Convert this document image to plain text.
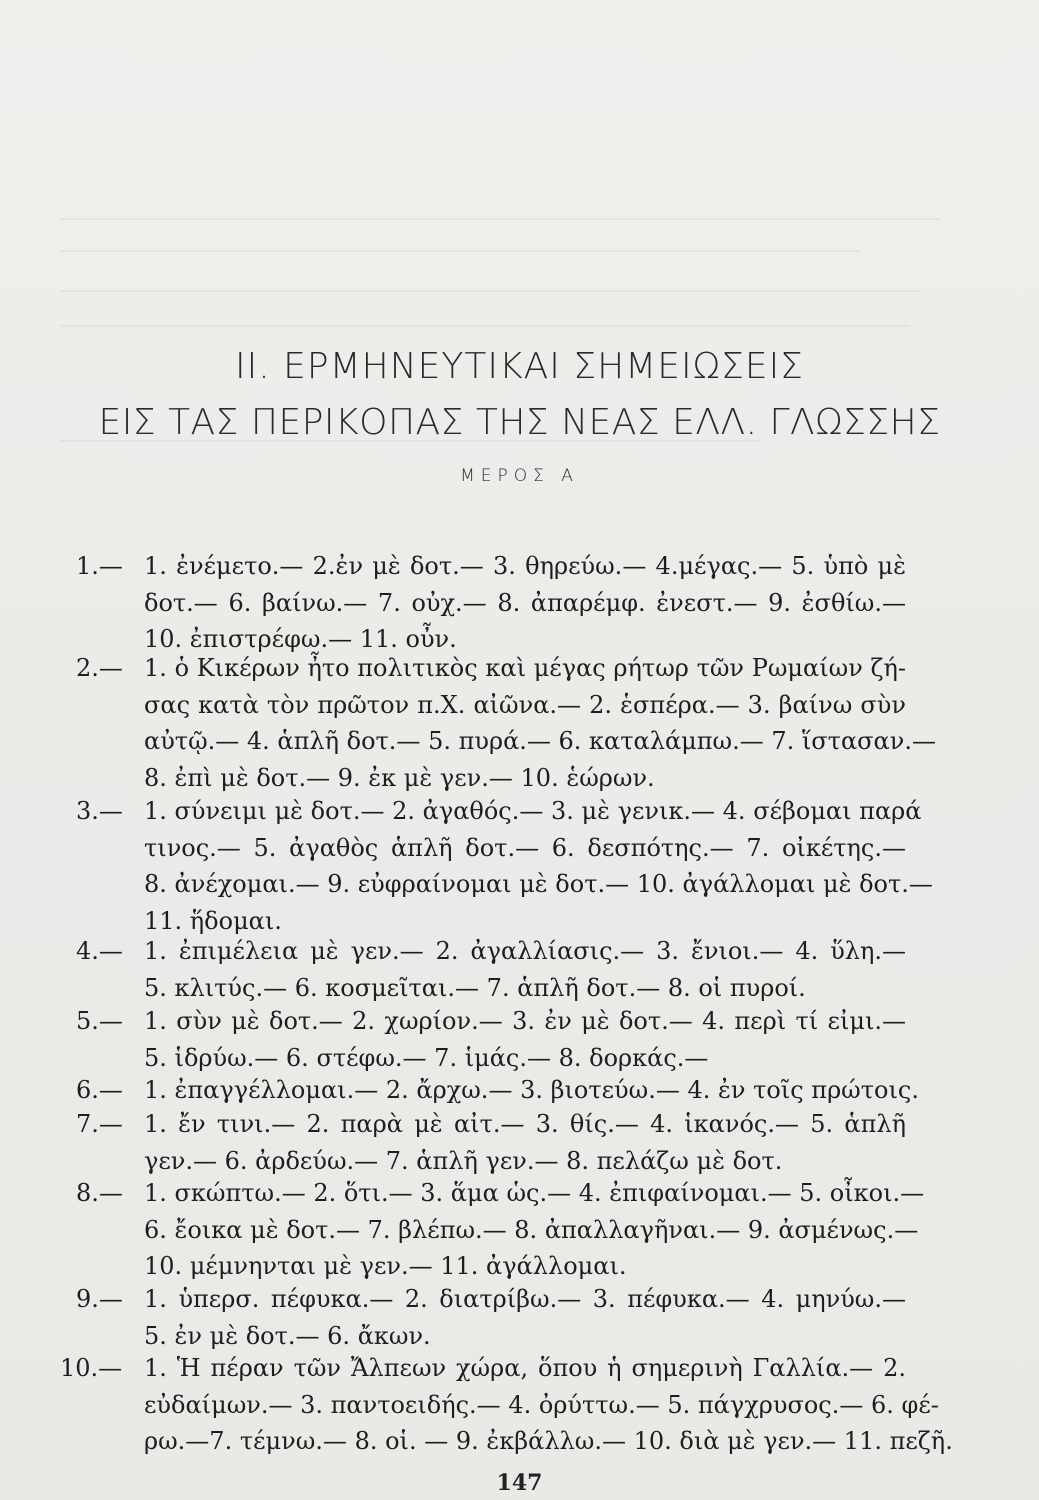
II. ΕΡΜΗΝΕΥΤΙΚΑΙ ΣΗΜΕΙΩΣΕΙΣ
ΕΙΣ ΤΑΣ ΠΕΡΙΚΟΠΑΣ ΤΗΣ ΝΕΑΣ ΕΛΛ. ΓΛΩΣΣΗΣ
ΜΕΡΟΣ Α
1.— 1. ἐνέμετο.— 2.ἐν μὲ δοτ.— 3. θηρεύω.— 4.μέγας.— 5. ὑπὸ μὲ
δοτ.— 6. βαίνω.— 7. οὐχ.— 8. ἀπαρέμφ. ἐνεστ.— 9. ἐσθίω.—
10. ἐπιστρέφω.— 11. οὖν.
2.— 1. ὁ Κικέρων ἦτο πολιτικὸς καὶ μέγας ρήτωρ τῶν Ρωμαίων ζή-
σας κατὰ τὸν πρῶτον π.Χ. αἰῶνα.— 2. ἑσπέρα.— 3. βαίνω σὺν
αὐτῷ.— 4. ἁπλῆ δοτ.— 5. πυρά.— 6. καταλάμπω.— 7. ἵστασαν.—
8. ἐπὶ μὲ δοτ.— 9. ἐκ μὲ γεν.— 10. ἑώρων.
3.— 1. σύνειμι μὲ δοτ.— 2. ἀγαθός.— 3. μὲ γενικ.— 4. σέβομαι παρά
τινος.— 5. ἀγαθὸς ἁπλῆ δοτ.— 6. δεσπότης.— 7. οἰκέτης.—
8. ἀνέχομαι.— 9. εὐφραίνομαι μὲ δοτ.— 10. ἀγάλλομαι μὲ δοτ.—
11. ἥδομαι.
4.— 1. ἐπιμέλεια μὲ γεν.— 2. ἀγαλλίασις.— 3. ἔνιοι.— 4. ὕλη.—
5. κλιτύς.— 6. κοσμεῖται.— 7. ἁπλῆ δοτ.— 8. οἱ πυροί.
5.— 1. σὺν μὲ δοτ.— 2. χωρίον.— 3. ἐν μὲ δοτ.— 4. περὶ τί εἰμι.—
5. ἱδρύω.— 6. στέφω.— 7. ἱμάς.— 8. δορκάς.—
6.— 1. ἐπαγγέλλομαι.— 2. ἄρχω.— 3. βιοτεύω.— 4. ἐν τοῖς πρώτοις.
7.— 1. ἔν τινι.— 2. παρὰ μὲ αἰτ.— 3. θίς.— 4. ἱκανός.— 5. ἁπλῆ
γεν.— 6. ἀρδεύω.— 7. ἁπλῆ γεν.— 8. πελάζω μὲ δοτ.
8.— 1. σκώπτω.— 2. ὅτι.— 3. ἅμα ὡς.— 4. ἐπιφαίνομαι.— 5. οἶκοι.—
6. ἔοικα μὲ δοτ.— 7. βλέπω.— 8. ἀπαλλαγῆναι.— 9. ἀσμένως.—
10. μέμνηνται μὲ γεν.— 11. ἀγάλλομαι.
9.— 1. ὑπερσ. πέφυκα.— 2. διατρίβω.— 3. πέφυκα.— 4. μηνύω.—
5. ἐν μὲ δοτ.— 6. ἄκων.
10.— 1. Ἡ πέραν τῶν Ἄλπεων χώρα, ὅπου ἡ σημερινὴ Γαλλία.— 2.
εὐδαίμων.— 3. παντοειδής.— 4. ὀρύττω.— 5. πάγχρυσος.— 6. φέ-
ρω.—7. τέμνω.— 8. οἱ. — 9. ἐκβάλλω.— 10. διὰ μὲ γεν.— 11. πεζῆ.
147
